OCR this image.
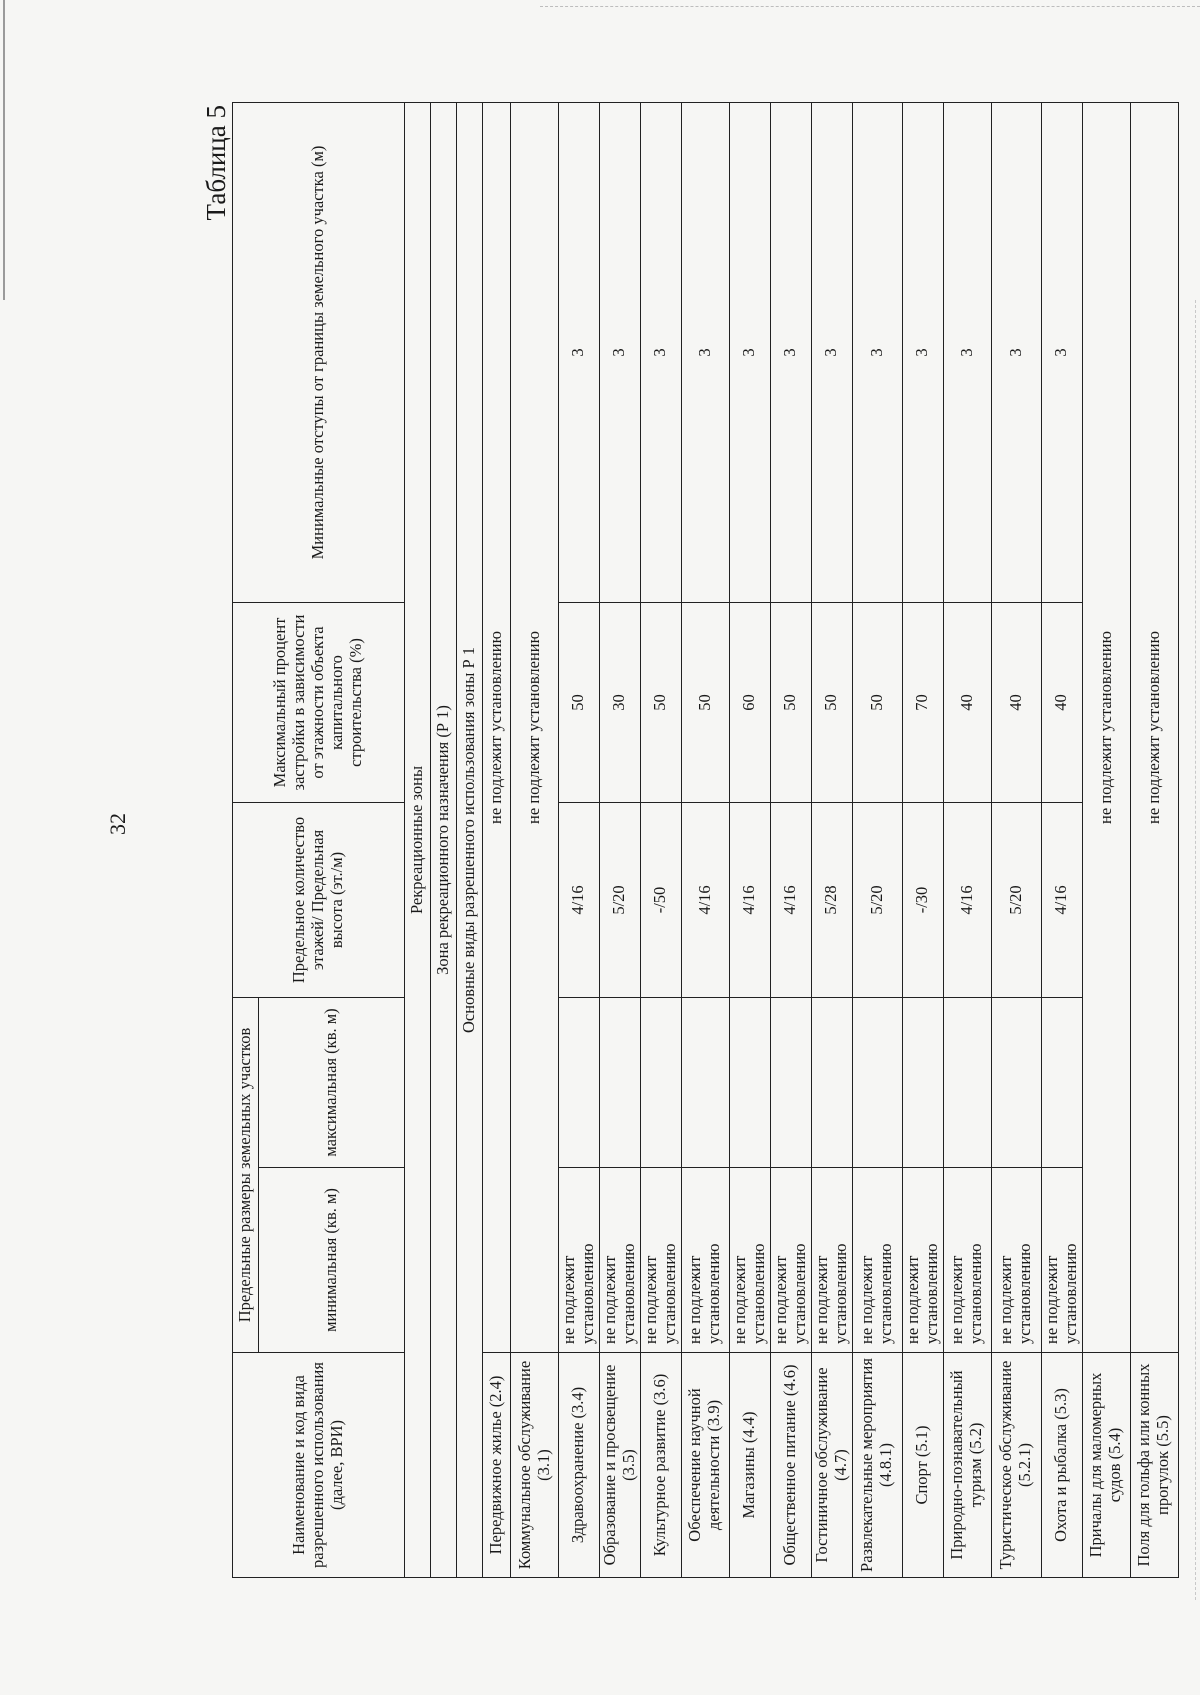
32
Таблица 5
Наименование и код вида разрешенного использования (далее, ВРИ)	Предельные размеры земельных участков		Предельное количество этажей/ Предельная высота (эт./м)	Максимальный процент застройки в зависимости от этажности объекта капитального строительства (%)	Минимальные отступы от границы земельного участка (м)
	минимальная (кв. м)	максимальная (кв. м)			
Рекреационные зоны					
Зона рекреационного назначения (Р 1)					
Основные виды разрешенного использования зоны Р 1					
Передвижное жилье (2.4)	не подлежит установлению				
Коммунальное обслуживание (3.1)	не подлежит установлению				
Здравоохранение (3.4)	не подлежит установлению		4/16	50	3
Образование и просвещение (3.5)	не подлежит установлению		5/20	30	3
Культурное развитие (3.6)	не подлежит установлению		-/50	50	3
Обеспечение научной деятельности (3.9)	не подлежит установлению		4/16	50	3
Магазины (4.4)	не подлежит установлению		4/16	60	3
Общественное питание (4.6)	не подлежит установлению		4/16	50	3
Гостиничное обслуживание (4.7)	не подлежит установлению		5/28	50	3
Развлекательные мероприятия (4.8.1)	не подлежит установлению		5/20	50	3
Спорт (5.1)	не подлежит установлению		-/30	70	3
Природно-познавательный туризм (5.2)	не подлежит установлению		4/16	40	3
Туристическое обслуживание (5.2.1)	не подлежит установлению		5/20	40	3
Охота и рыбалка (5.3)	не подлежит установлению		4/16	40	3
Причалы для маломерных судов (5.4)	не подлежит установлению				
Поля для гольфа или конных прогулок (5.5)	не подлежит установлению				
